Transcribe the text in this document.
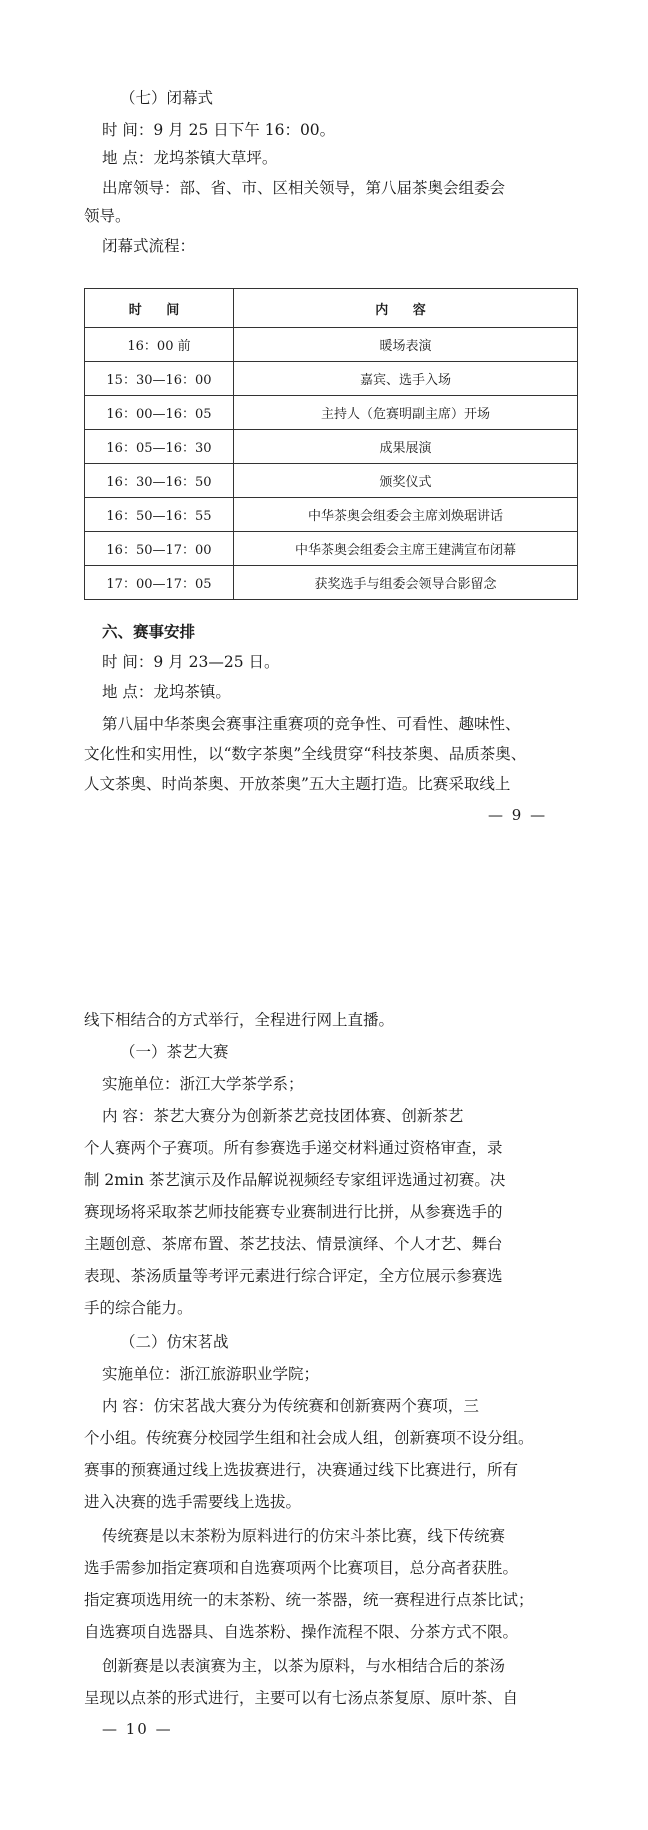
（七）闭幕式
时 间：9 月 25 日下午 16：00。
地 点：龙坞茶镇大草坪。
出席领导：部、省、市、区相关领导，第八届茶奥会组委会
领导。
闭幕式流程：
时 间	内 容
16：00 前	暖场表演
15：30—16：00	嘉宾、选手入场
16：00—16：05	主持人（危赛明副主席）开场
16：05—16：30	成果展演
16：30—16：50	颁奖仪式
16：50—16：55	中华茶奥会组委会主席刘焕琚讲话
16：50—17：00	中华茶奥会组委会主席王建满宣布闭幕
17：00—17：05	获奖选手与组委会领导合影留念
六、赛事安排
时 间：9 月 23—25 日。
地 点：龙坞茶镇。
第八届中华茶奥会赛事注重赛项的竞争性、可看性、趣味性、
文化性和实用性，以“数字茶奥”全线贯穿“科技茶奥、品质茶奥、
人文茶奥、时尚茶奥、开放茶奥”五大主题打造。比赛采取线上
— 9 —
线下相结合的方式举行，全程进行网上直播。
（一）茶艺大赛
实施单位：浙江大学茶学系；
内 容：茶艺大赛分为创新茶艺竞技团体赛、创新茶艺
个人赛两个子赛项。所有参赛选手递交材料通过资格审查，录
制 2min 茶艺演示及作品解说视频经专家组评选通过初赛。决
赛现场将采取茶艺师技能赛专业赛制进行比拼，从参赛选手的
主题创意、茶席布置、茶艺技法、情景演绎、个人才艺、舞台
表现、茶汤质量等考评元素进行综合评定，全方位展示参赛选
手的综合能力。
（二）仿宋茗战
实施单位：浙江旅游职业学院；
内 容：仿宋茗战大赛分为传统赛和创新赛两个赛项，三
个小组。传统赛分校园学生组和社会成人组，创新赛项不设分组。
赛事的预赛通过线上选拔赛进行，决赛通过线下比赛进行，所有
进入决赛的选手需要线上选拔。
传统赛是以末茶粉为原料进行的仿宋斗茶比赛，线下传统赛
选手需参加指定赛项和自选赛项两个比赛项目，总分高者获胜。
指定赛项选用统一的末茶粉、统一茶器，统一赛程进行点茶比试；
自选赛项自选器具、自选茶粉、操作流程不限、分茶方式不限。
创新赛是以表演赛为主，以茶为原料，与水相结合后的茶汤
呈现以点茶的形式进行，主要可以有七汤点茶复原、原叶茶、自
— 10 —
